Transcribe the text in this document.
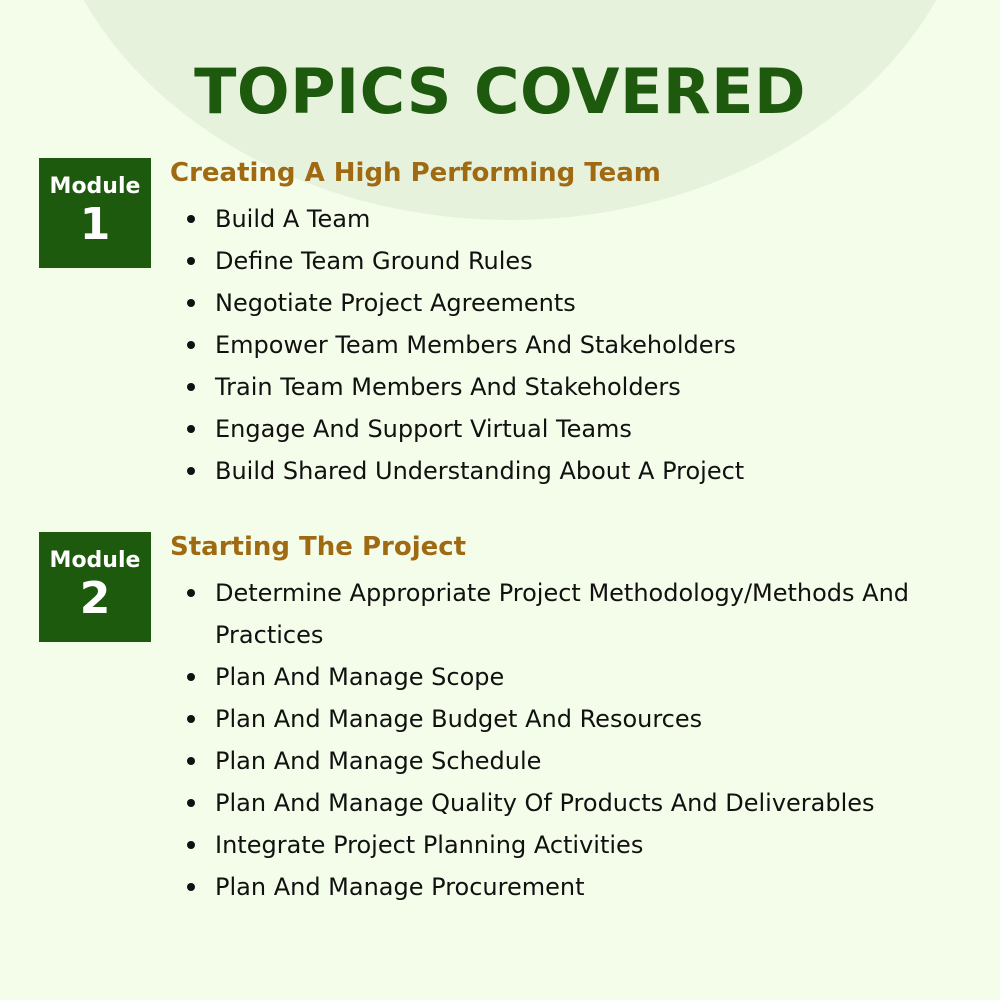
TOPICS COVERED
Module
1
Creating A High Performing Team
Build A Team
Define Team Ground Rules
Negotiate Project Agreements
Empower Team Members And Stakeholders
Train Team Members And Stakeholders
Engage And Support Virtual Teams
Build Shared Understanding About A Project
Module
2
Starting The Project
Determine Appropriate Project Methodology/Methods And Practices
Plan And Manage Scope
Plan And Manage Budget And Resources
Plan And Manage Schedule
Plan And Manage Quality Of Products And Deliverables
Integrate Project Planning Activities
Plan And Manage Procurement
